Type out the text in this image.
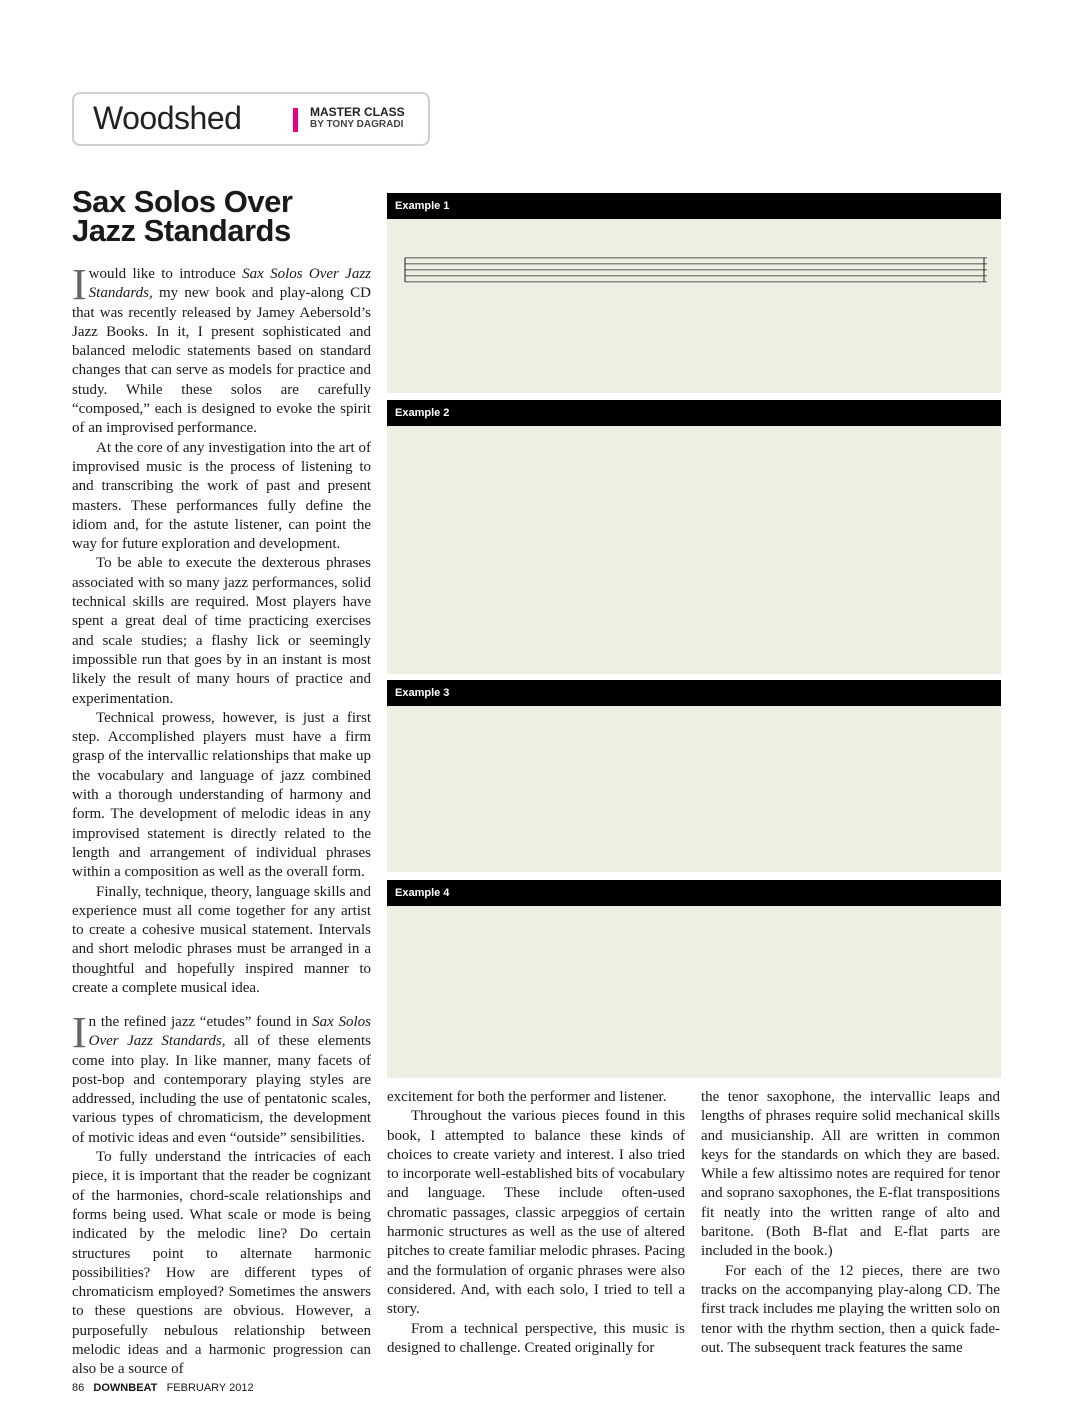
Woodshed	MASTER CLASS
BY TONY DAGRADI
Sax Solos Over
Jazz Standards

Iwould like to introduce Sax Solos Over Jazz Standards, my new book and play-along CD that was recently released by Jamey Aebersold’s Jazz Books. In it, I present sophisticated and balanced melodic statements based on standard changes that can serve as models for practice and study. While these solos are carefully “composed,” each is designed to evoke the spirit of an improvised performance.

At the core of any investigation into the art of improvised music is the process of listening to and transcribing the work of past and present masters. These performances fully define the idiom and, for the astute listener, can point the way for future exploration and development.

To be able to execute the dexterous phrases associated with so many jazz performances, solid technical skills are required. Most players have spent a great deal of time practicing exercises and scale studies; a flashy lick or seemingly impossible run that goes by in an instant is most likely the result of many hours of practice and experimentation.

Technical prowess, however, is just a first step. Accomplished players must have a firm grasp of the intervallic relationships that make up the vocabulary and language of jazz combined with a thorough understanding of harmony and form. The development of melodic ideas in any improvised statement is directly related to the length and arrangement of individual phrases within a composition as well as the overall form.

Finally, technique, theory, language skills and experience must all come together for any artist to create a cohesive musical statement. Intervals and short melodic phrases must be arranged in a thoughtful and hopefully inspired manner to create a complete musical idea.

In the refined jazz “etudes” found in Sax Solos Over Jazz Standards, all of these elements come into play. In like manner, many facets of post-bop and contemporary playing styles are addressed, including the use of pentatonic scales, various types of chromaticism, the development of motivic ideas and even “outside” sensibilities.

To fully understand the intricacies of each piece, it is important that the reader be cognizant of the harmonies, chord-scale relationships and forms being used. What scale or mode is being indicated by the melodic line? Do certain structures point to alternate harmonic possibilities? How are different types of chromaticism employed? Sometimes the answers to these questions are obvious. However, a purposefully nebulous relationship between melodic ideas and a harmonic progression can also be a source of

excitement for both the performer and listener.

Throughout the various pieces found in this book, I attempted to balance these kinds of choices to create variety and interest. I also tried to incorporate well-established bits of vocabulary and language. These include often-used chromatic passages, classic arpeggios of certain harmonic structures as well as the use of altered pitches to create familiar melodic phrases. Pacing and the formulation of organic phrases were also considered. And, with each solo, I tried to tell a story.

From a technical perspective, this music is designed to challenge. Created originally for

the tenor saxophone, the intervallic leaps and lengths of phrases require solid mechanical skills and musicianship. All are written in common keys for the standards on which they are based. While a few altissimo notes are required for tenor and soprano saxophones, the E-flat transpositions fit neatly into the written range of alto and baritone. (Both B-flat and E-flat parts are included in the book.)

For each of the 12 pieces, there are two tracks on the accompanying play-along CD. The first track includes me playing the written solo on tenor with the rhythm section, then a quick fade-out. The subsequent track features the same

Example 1
Example 2
Example 3
Example 4
86 DOWNBEAT FEBRUARY 2012
